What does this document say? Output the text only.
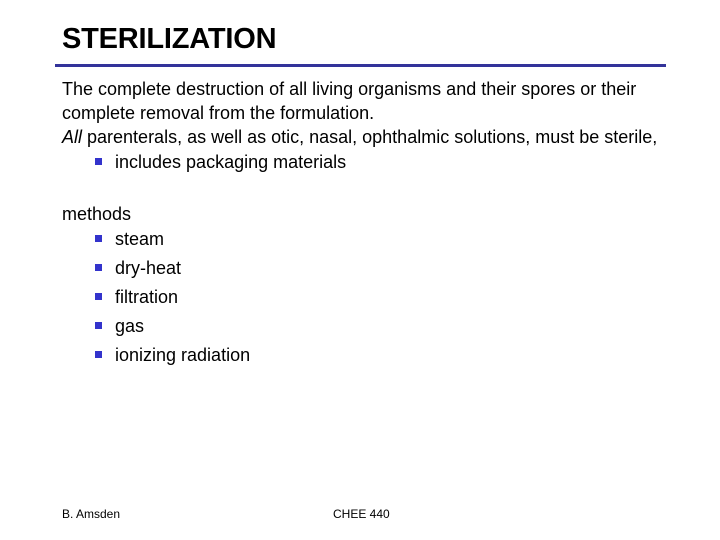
STERILIZATION

The complete destruction of all living organisms and their spores or their complete removal from the formulation.

All parenterals, as well as otic, nasal, ophthalmic solutions, must be sterile,

includes packaging materials

methods

steam
dry-heat
filtration
gas
ionizing radiation
B. Amsden	CHEE 440
